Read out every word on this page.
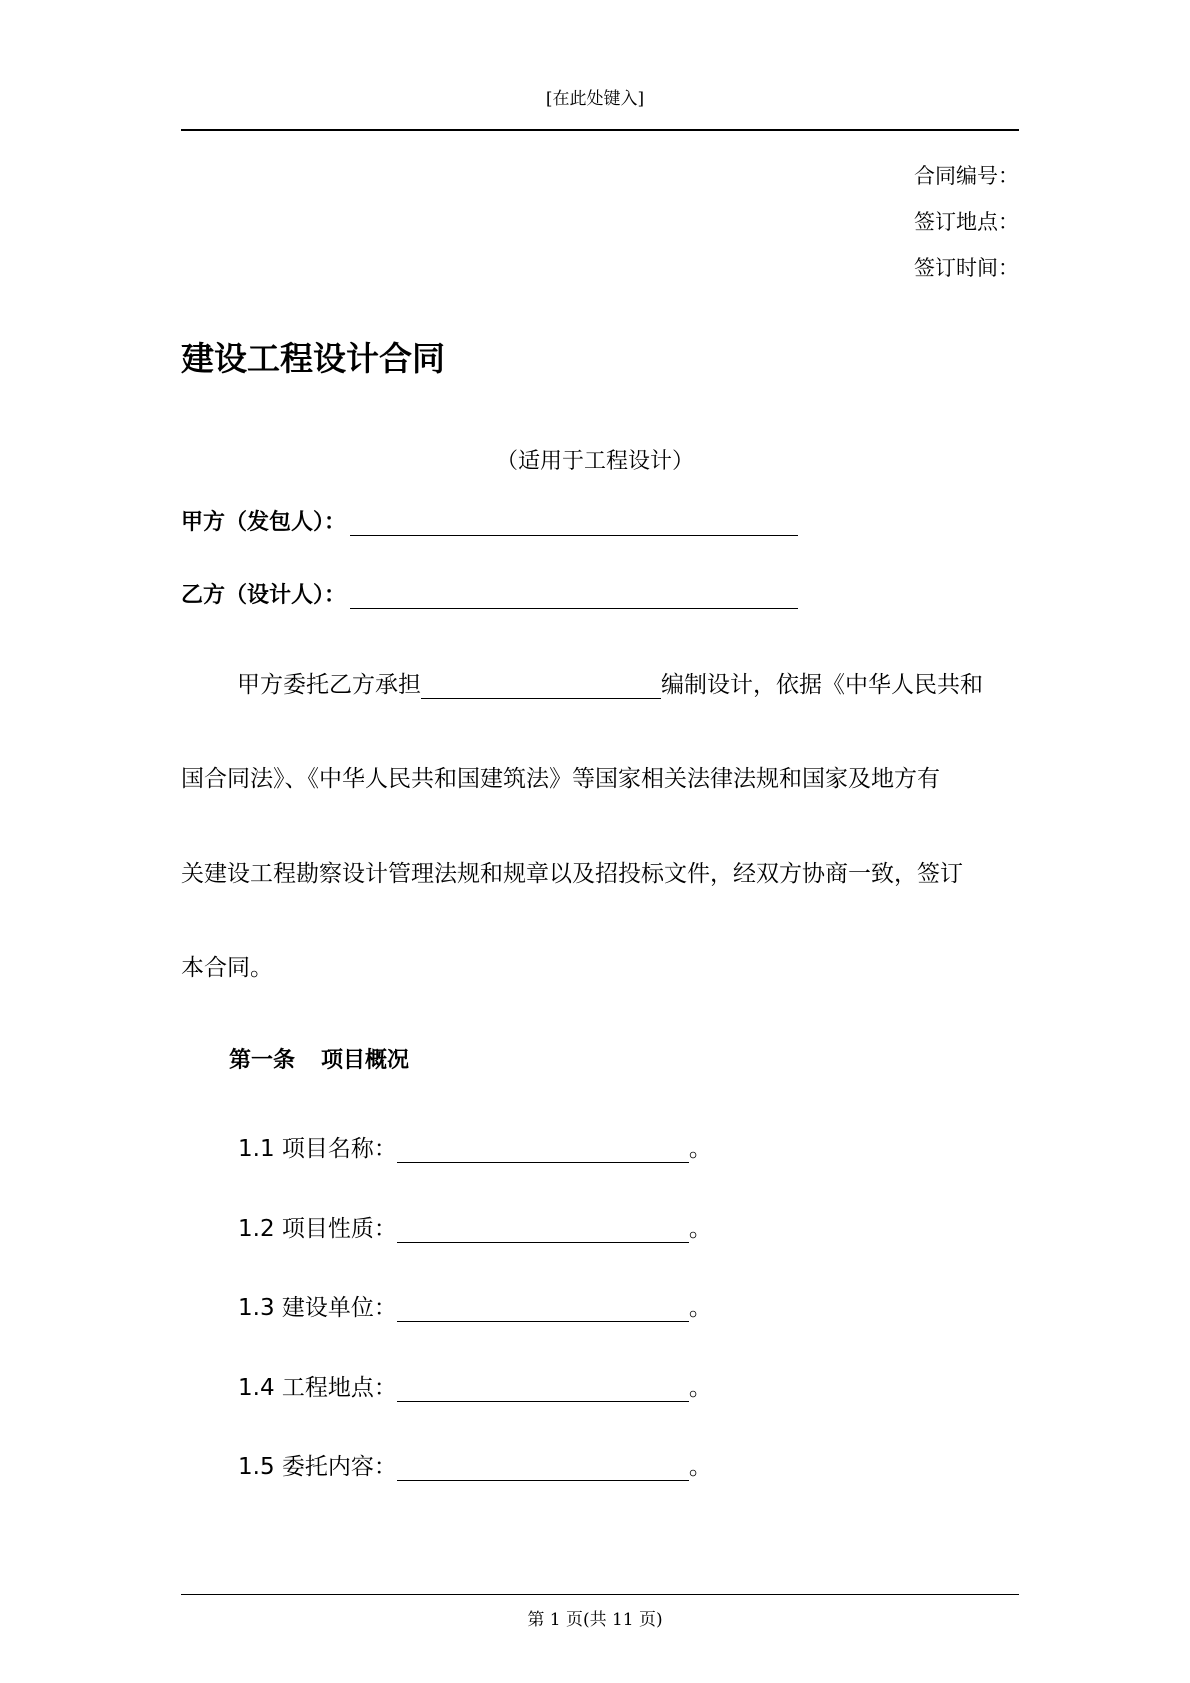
[在此处键入]
合同编号：
签订地点：
签订时间：
建设工程设计合同
（适用于工程设计）
甲方（发包人）：
乙方（设计人）：
甲方委托乙方承担	编制设计，依据《中华人民共和
国合同法》、《中华人民共和国建筑法》等国家相关法律法规和国家及地方有
关建设工程勘察设计管理法规和规章以及招投标文件，经双方协商一致，签订
本合同。
第一条 项目概况
1.1 项目名称：	。
1.2 项目性质：	。
1.3 建设单位：	。
1.4 工程地点：	。
1.5 委托内容：	。
第 1 页(共 11 页)
